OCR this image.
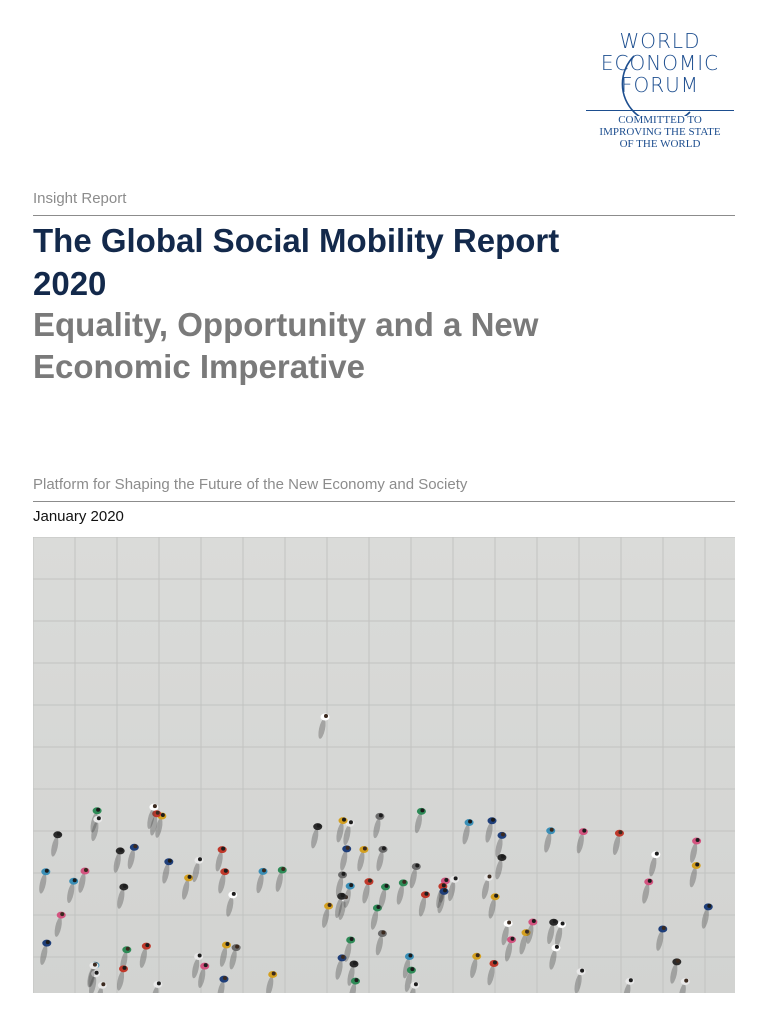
WORLD
ECONOMIC
FORUM
COMMITTED TO
IMPROVING THE STATE
OF THE WORLD
Insight Report
The Global Social Mobility Report 2020
Equality, Opportunity and a New Economic Imperative
Platform for Shaping the Future of the New Economy and Society
January 2020
